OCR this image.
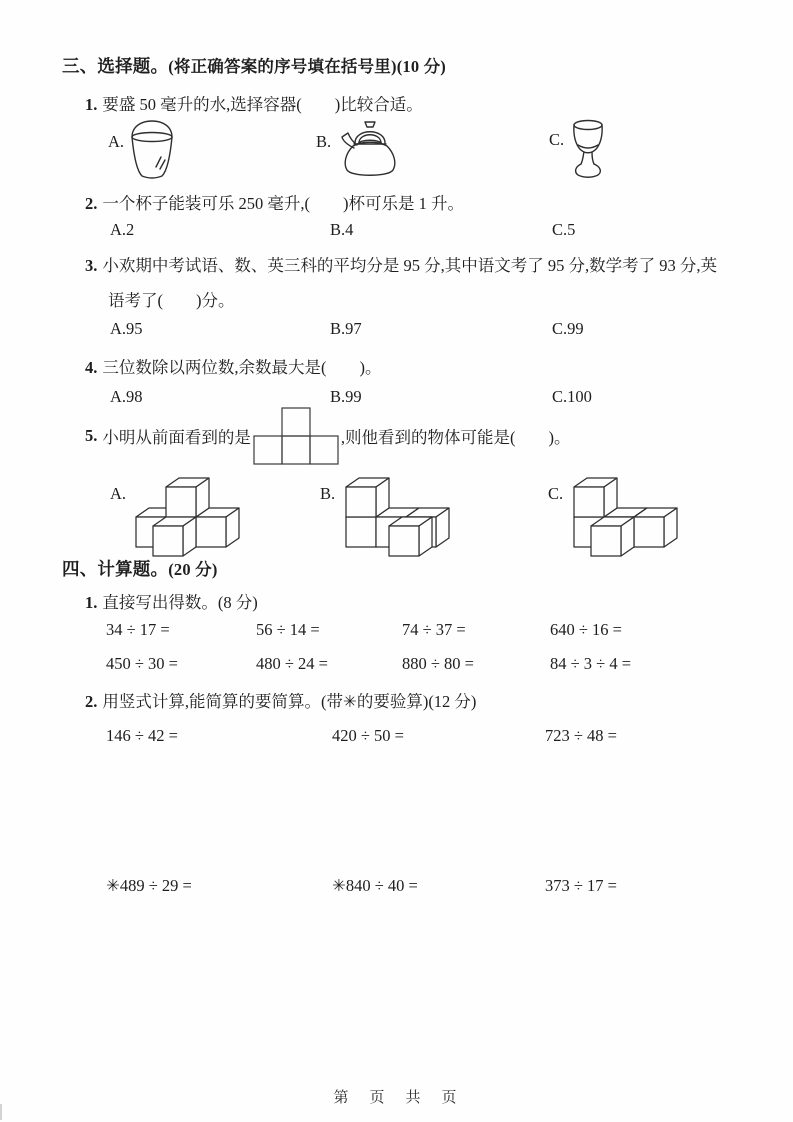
三、选择题。(将正确答案的序号填在括号里)(10 分)
1. 要盛 50 毫升的水,选择容器(　　)比较合适。
A.	B.	C.
2. 一个杯子能装可乐 250 毫升,(　　)杯可乐是 1 升。
A.2	B.4	C.5
3. 小欢期中考试语、数、英三科的平均分是 95 分,其中语文考了 95 分,数学考了 93 分,英
语考了(　　)分。
A.95	B.97	C.99
4. 三位数除以两位数,余数最大是(　　)。
A.98	B.99	C.100
5. 小明从前面看到的是	,则他看到的物体可能是(　　)。
A.	B.	C.
四、计算题。(20 分)
1. 直接写出得数。(8 分)
34 ÷ 17 =	56 ÷ 14 =	74 ÷ 37 =	640 ÷ 16 =
450 ÷ 30 =	480 ÷ 24 =	880 ÷ 80 =	84 ÷ 3 ÷ 4 =
2. 用竖式计算,能简算的要简算。(带✳的要验算)(12 分)
146 ÷ 42 =	420 ÷ 50 =	723 ÷ 48 =
✳489 ÷ 29 =	✳840 ÷ 40 =	373 ÷ 17 =
第　页　共　页
